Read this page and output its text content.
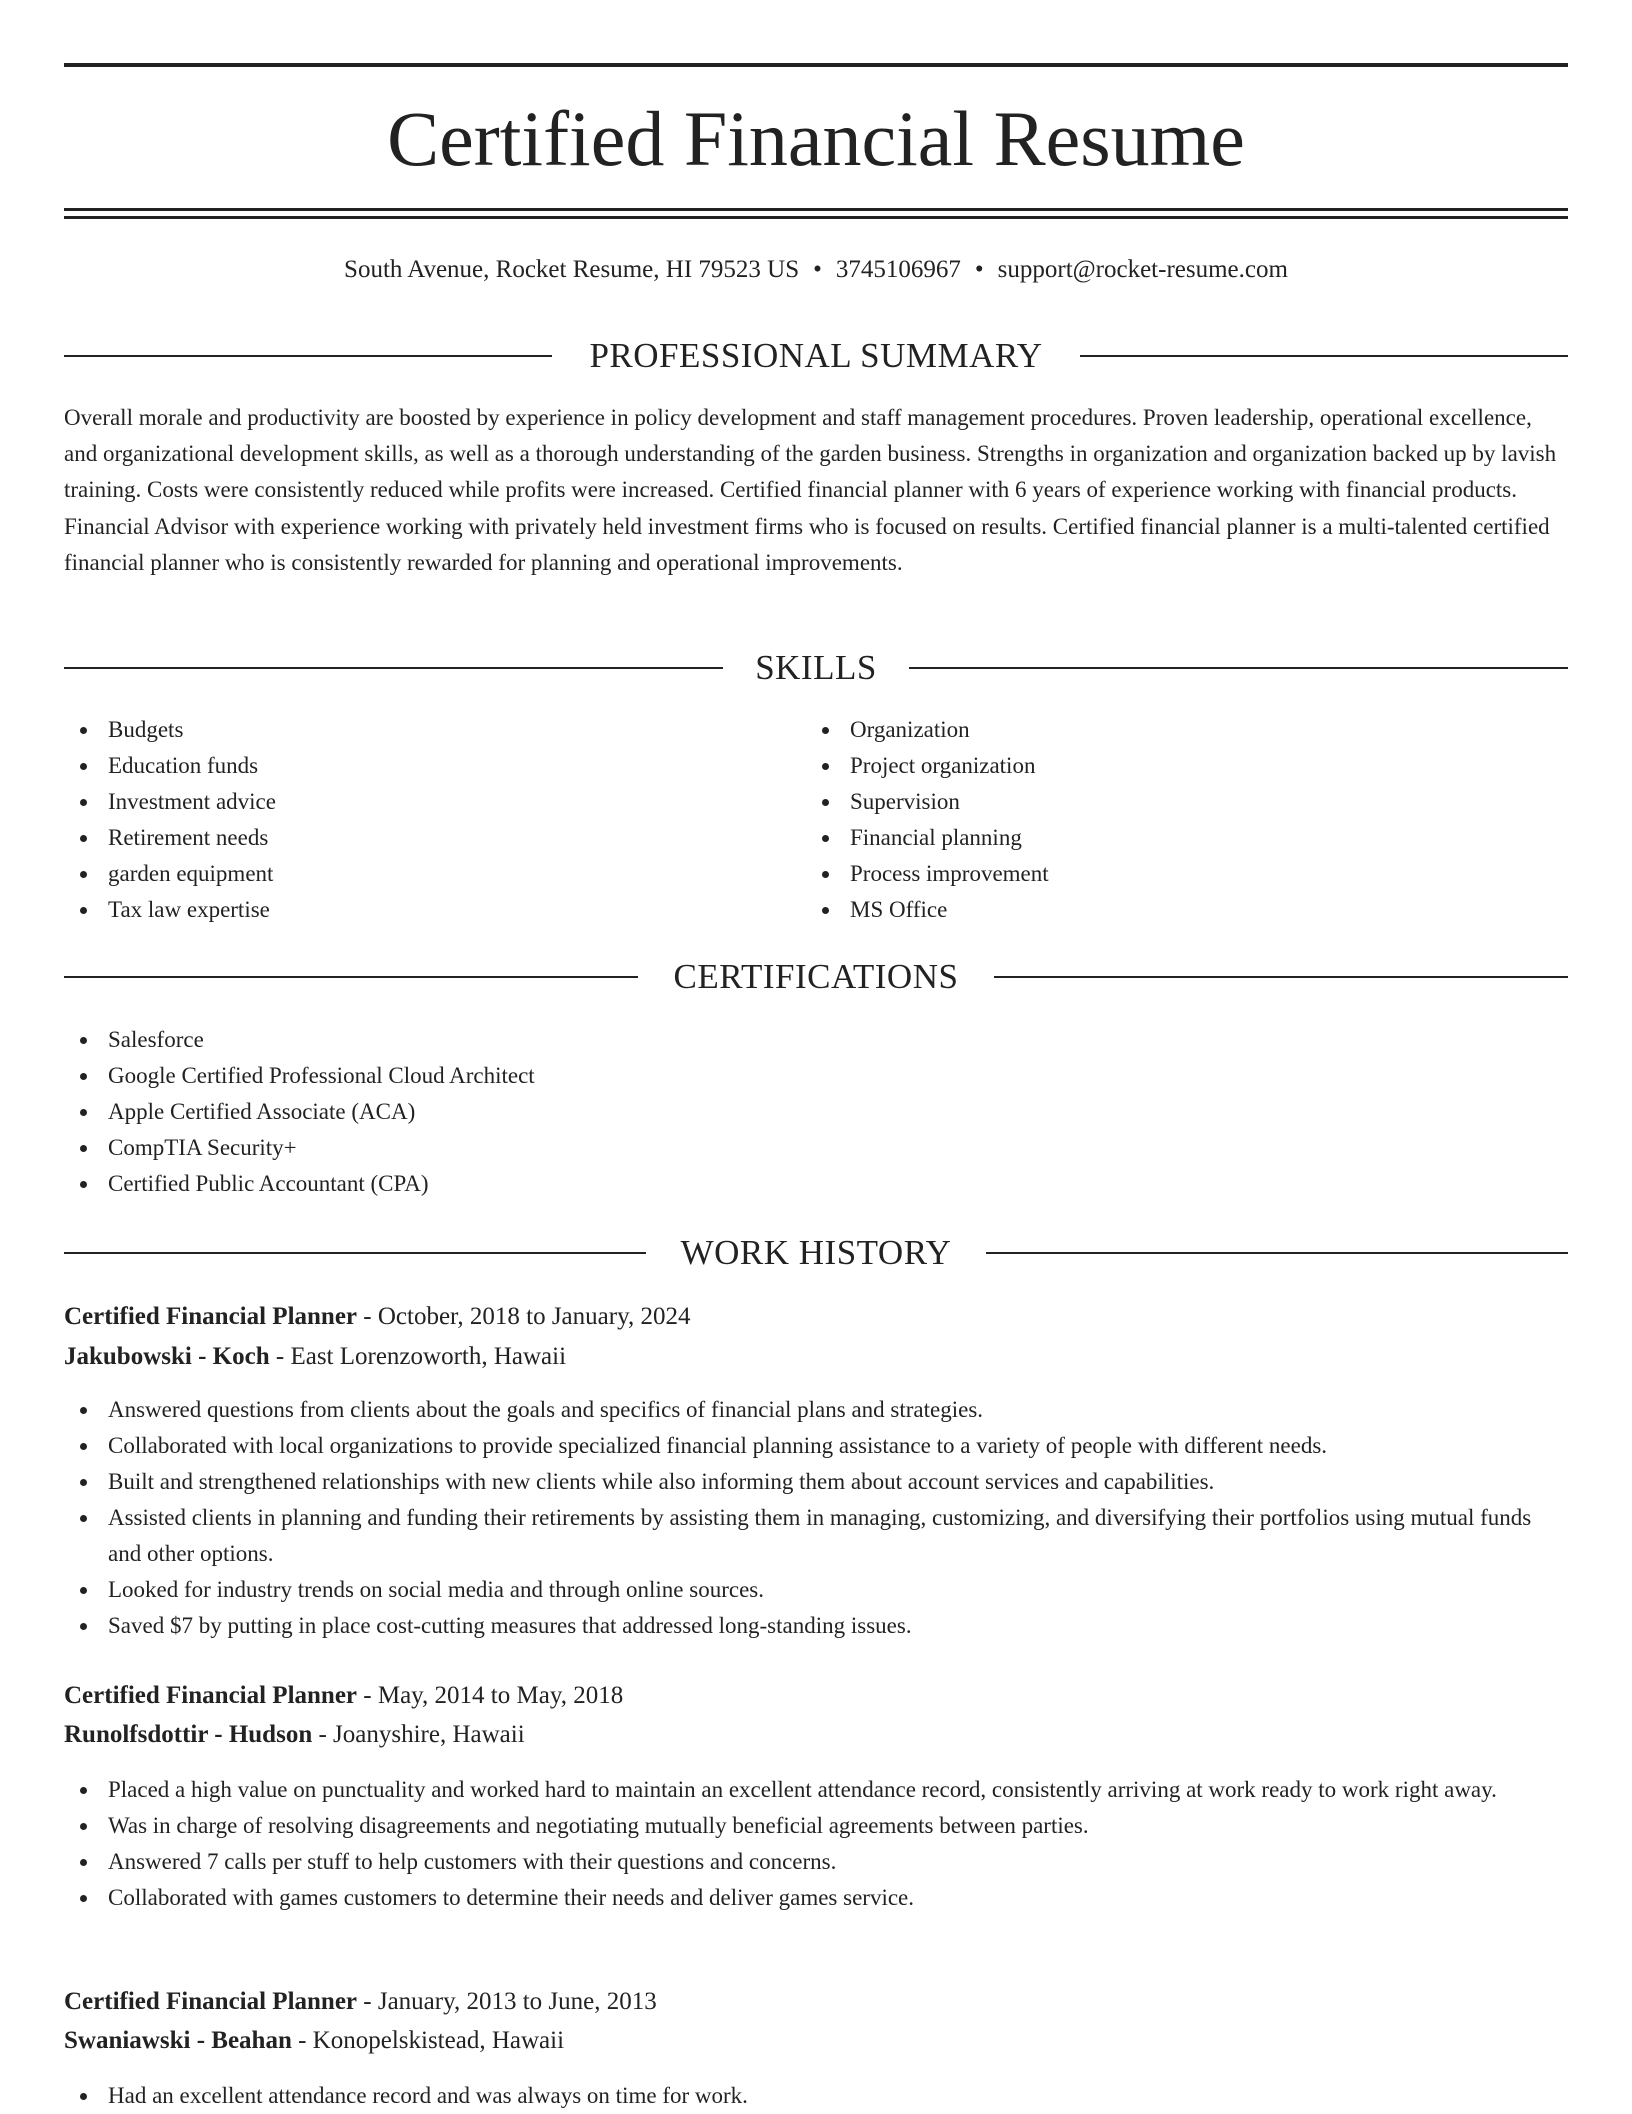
Certified Financial Resume
South Avenue, Rocket Resume, HI 79523 US • 3745106967 • support@rocket-resume.com
PROFESSIONAL SUMMARY

Overall morale and productivity are boosted by experience in policy development and staff management procedures. Proven leadership, operational excellence, and organizational development skills, as well as a thorough understanding of the garden business. Strengths in organization and organization backed up by lavish training. Costs were consistently reduced while profits were increased. Certified financial planner with 6 years of experience working with financial products. Financial Advisor with experience working with privately held investment firms who is focused on results. Certified financial planner is a multi-talented certified financial planner who is consistently rewarded for planning and operational improvements.

SKILLS
Budgets
Education funds
Investment advice
Retirement needs
garden equipment
Tax law expertise
Organization
Project organization
Supervision
Financial planning
Process improvement
MS Office
CERTIFICATIONS
Salesforce
Google Certified Professional Cloud Architect
Apple Certified Associate (ACA)
CompTIA Security+
Certified Public Accountant (CPA)
WORK HISTORY
Certified Financial Planner - October, 2018 to January, 2024
Jakubowski - Koch - East Lorenzoworth, Hawaii
Answered questions from clients about the goals and specifics of financial plans and strategies.
Collaborated with local organizations to provide specialized financial planning assistance to a variety of people with different needs.
Built and strengthened relationships with new clients while also informing them about account services and capabilities.
Assisted clients in planning and funding their retirements by assisting them in managing, customizing, and diversifying their portfolios using mutual funds and other options.
Looked for industry trends on social media and through online sources.
Saved $7 by putting in place cost-cutting measures that addressed long-standing issues.
Certified Financial Planner - May, 2014 to May, 2018
Runolfsdottir - Hudson - Joanyshire, Hawaii
Placed a high value on punctuality and worked hard to maintain an excellent attendance record, consistently arriving at work ready to work right away.
Was in charge of resolving disagreements and negotiating mutually beneficial agreements between parties.
Answered 7 calls per stuff to help customers with their questions and concerns.
Collaborated with games customers to determine their needs and deliver games service.
Certified Financial Planner - January, 2013 to June, 2013
Swaniawski - Beahan - Konopelskistead, Hawaii
Had an excellent attendance record and was always on time for work.
